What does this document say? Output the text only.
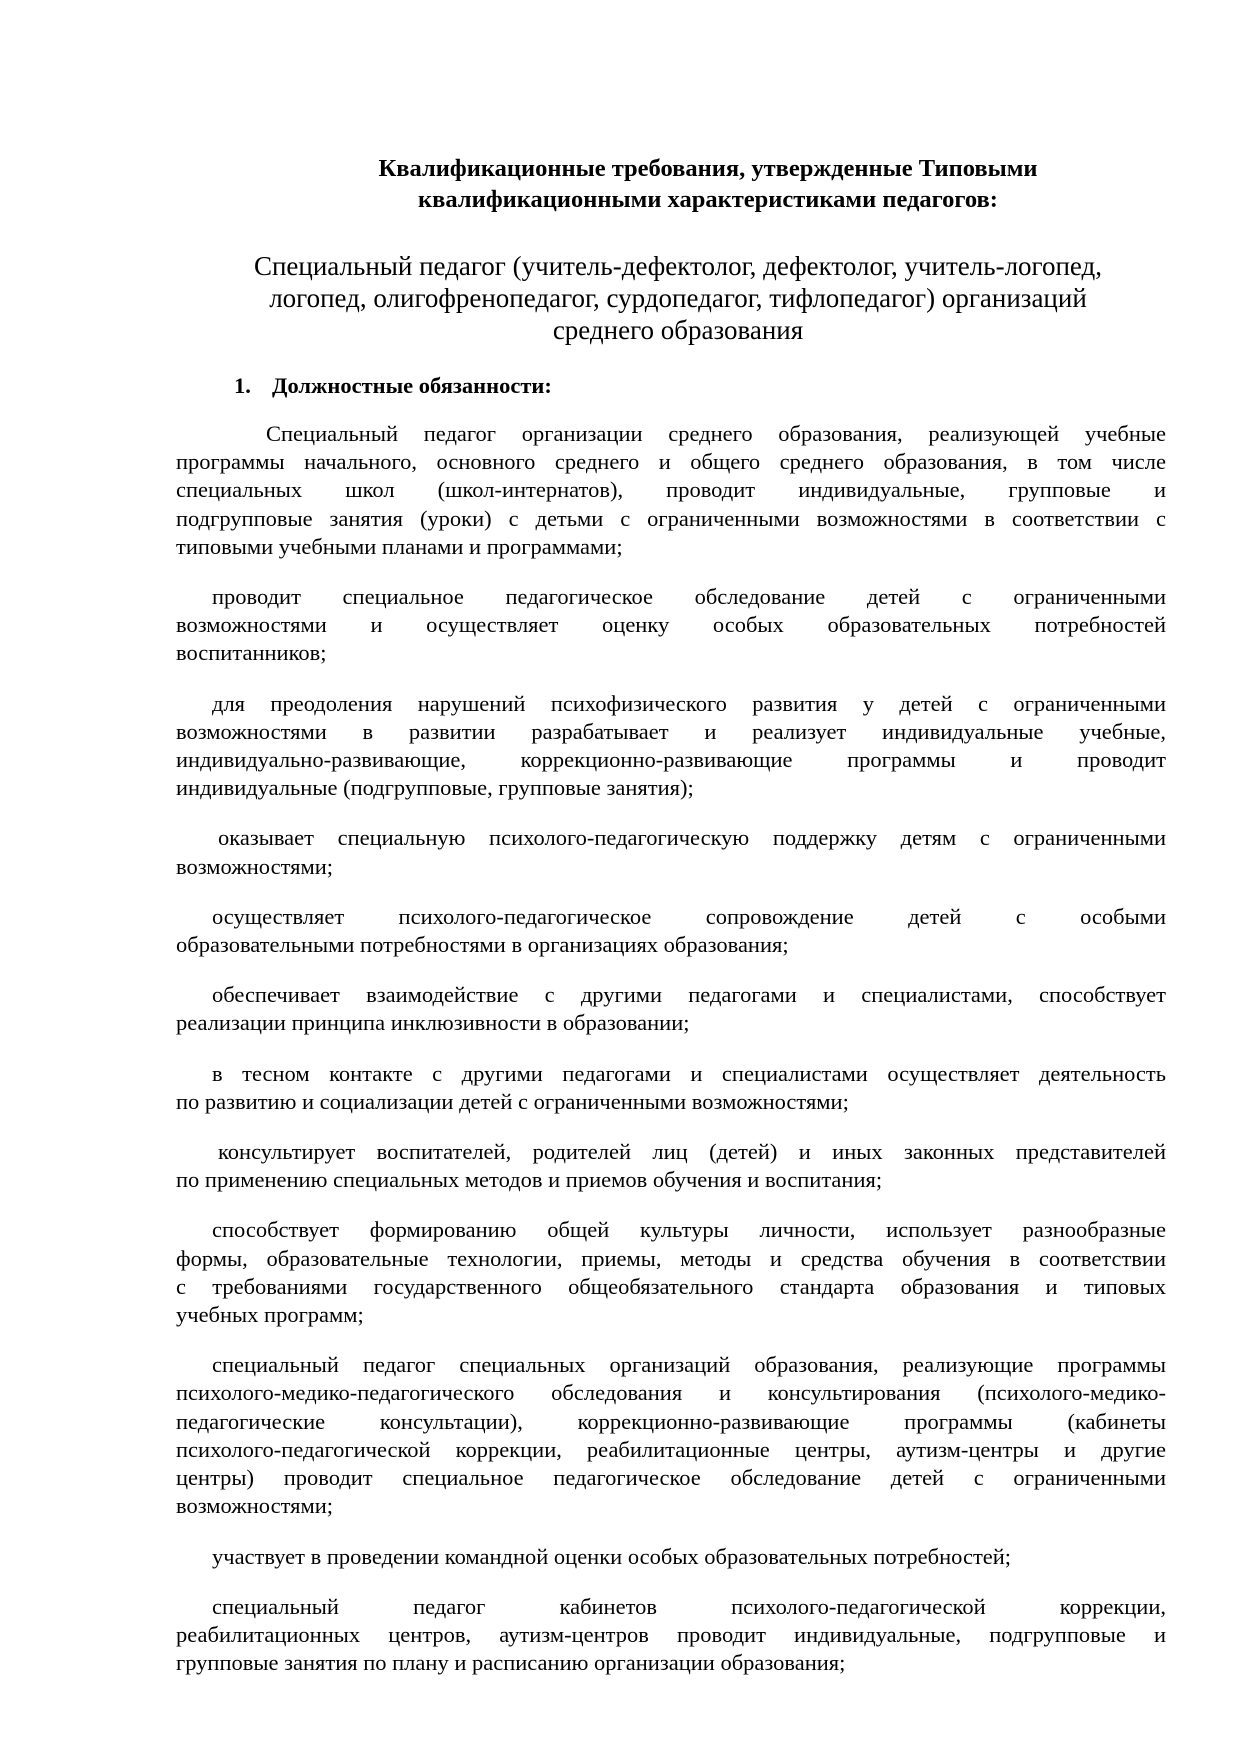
Квалификационные требования, утвержденные Типовыми
квалификационными характеристиками педагогов:
Специальный педагог (учитель-дефектолог, дефектолог, учитель-логопед,
логопед, олигофренопедагог, сурдопедагог, тифлопедагог) организаций
среднего образования
1. Должностные обязанности:
Специальный педагог организации среднего образования, реализующей учебные
программы начального, основного среднего и общего среднего образования, в том числе
специальных школ (школ-интернатов), проводит индивидуальные, групповые и
подгрупповые занятия (уроки) с детьми с ограниченными возможностями в соответствии с
типовыми учебными планами и программами;
проводит специальное педагогическое обследование детей с ограниченными
возможностями и осуществляет оценку особых образовательных потребностей
воспитанников;
для преодоления нарушений психофизического развития у детей с ограниченными
возможностями в развитии разрабатывает и реализует индивидуальные учебные,
индивидуально-развивающие, коррекционно-развивающие программы и проводит
индивидуальные (подгрупповые, групповые занятия);
оказывает специальную психолого-педагогическую поддержку детям с ограниченными
возможностями;
осуществляет психолого-педагогическое сопровождение детей с особыми
образовательными потребностями в организациях образования;
обеспечивает взаимодействие с другими педагогами и специалистами, способствует
реализации принципа инклюзивности в образовании;
в тесном контакте с другими педагогами и специалистами осуществляет деятельность
по развитию и социализации детей с ограниченными возможностями;
консультирует воспитателей, родителей лиц (детей) и иных законных представителей
по применению специальных методов и приемов обучения и воспитания;
способствует формированию общей культуры личности, использует разнообразные
формы, образовательные технологии, приемы, методы и средства обучения в соответствии
с требованиями государственного общеобязательного стандарта образования и типовых
учебных программ;
специальный педагог специальных организаций образования, реализующие программы
психолого-медико-педагогического обследования и консультирования (психолого-медико-
педагогические консультации), коррекционно-развивающие программы (кабинеты
психолого-педагогической коррекции, реабилитационные центры, аутизм-центры и другие
центры) проводит специальное педагогическое обследование детей с ограниченными
возможностями;
участвует в проведении командной оценки особых образовательных потребностей;
специальный педагог кабинетов психолого-педагогической коррекции,
реабилитационных центров, аутизм-центров проводит индивидуальные, подгрупповые и
групповые занятия по плану и расписанию организации образования;
